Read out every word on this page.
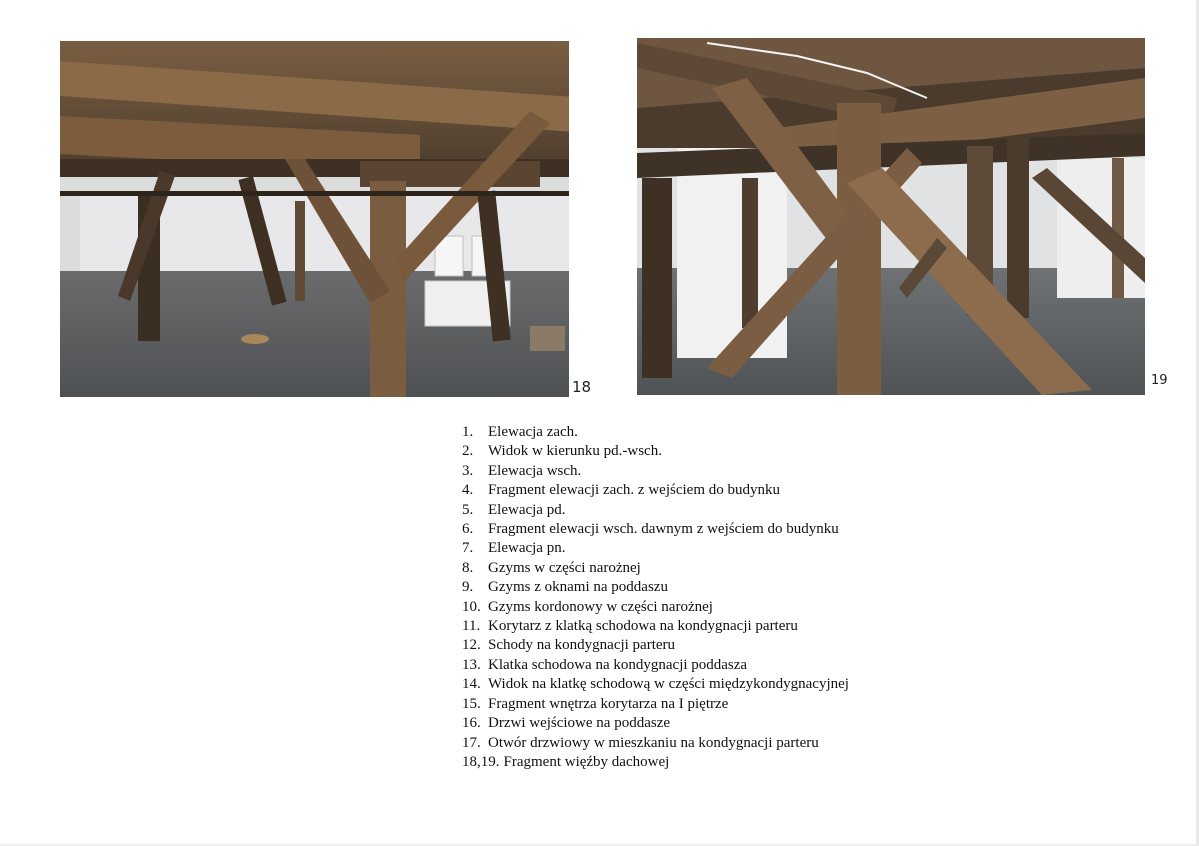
18	19
1. Elewacja zach.
2. Widok w kierunku pd.-wsch.
3. Elewacja wsch.
4. Fragment elewacji zach. z wejściem do budynku
5. Elewacja pd.
6. Fragment elewacji wsch. dawnym z wejściem do budynku
7. Elewacja pn.
8. Gzyms w części narożnej
9. Gzyms z oknami na poddaszu
10. Gzyms kordonowy w części narożnej
11. Korytarz z klatką schodowa na kondygnacji parteru
12. Schody na kondygnacji parteru
13. Klatka schodowa na kondygnacji poddasza
14. Widok na klatkę schodową w części międzykondygnacyjnej
15. Fragment wnętrza korytarza na I piętrze
16. Drzwi wejściowe na poddasze
17. Otwór drzwiowy w mieszkaniu na kondygnacji parteru
18,19. Fragment więźby dachowej
